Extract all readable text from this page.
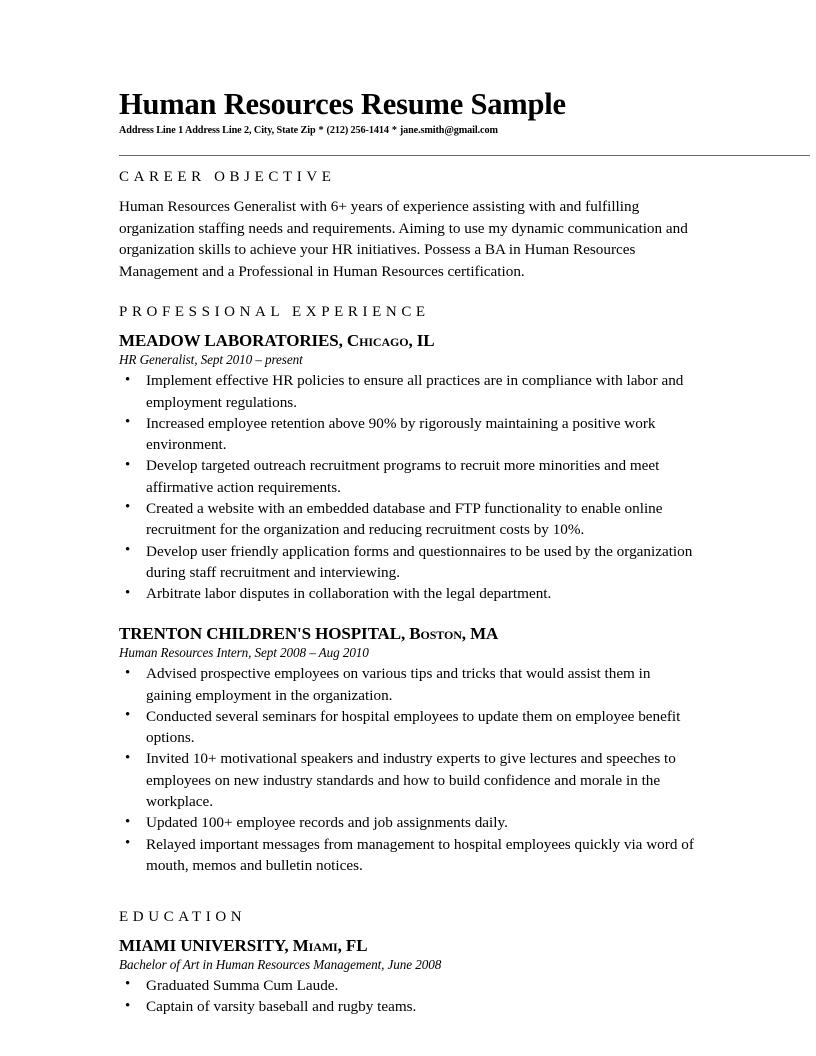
Human Resources Resume Sample
Address Line 1 Address Line 2, City, State Zip * (212) 256-1414 * jane.smith@gmail.com
CAREER OBJECTIVE

Human Resources Generalist with 6+ years of experience assisting with and fulfilling organization staffing needs and requirements. Aiming to use my dynamic communication and organization skills to achieve your HR initiatives. Possess a BA in Human Resources Management and a Professional in Human Resources certification.

PROFESSIONAL EXPERIENCE
MEADOW LABORATORIES, Chicago, IL
HR Generalist, Sept 2010 – present
• Implement effective HR policies to ensure all practices are in compliance with labor and employment regulations.
• Increased employee retention above 90% by rigorously maintaining a positive work environment.
• Develop targeted outreach recruitment programs to recruit more minorities and meet affirmative action requirements.
• Created a website with an embedded database and FTP functionality to enable online recruitment for the organization and reducing recruitment costs by 10%.
• Develop user friendly application forms and questionnaires to be used by the organization during staff recruitment and interviewing.
• Arbitrate labor disputes in collaboration with the legal department.
TRENTON CHILDREN'S HOSPITAL, Boston, MA
Human Resources Intern, Sept 2008 – Aug 2010
• Advised prospective employees on various tips and tricks that would assist them in gaining employment in the organization.
• Conducted several seminars for hospital employees to update them on employee benefit options.
• Invited 10+ motivational speakers and industry experts to give lectures and speeches to employees on new industry standards and how to build confidence and morale in the workplace.
• Updated 100+ employee records and job assignments daily.
• Relayed important messages from management to hospital employees quickly via word of mouth, memos and bulletin notices.
EDUCATION
MIAMI UNIVERSITY, Miami, FL
Bachelor of Art in Human Resources Management, June 2008
• Graduated Summa Cum Laude.
• Captain of varsity baseball and rugby teams.
